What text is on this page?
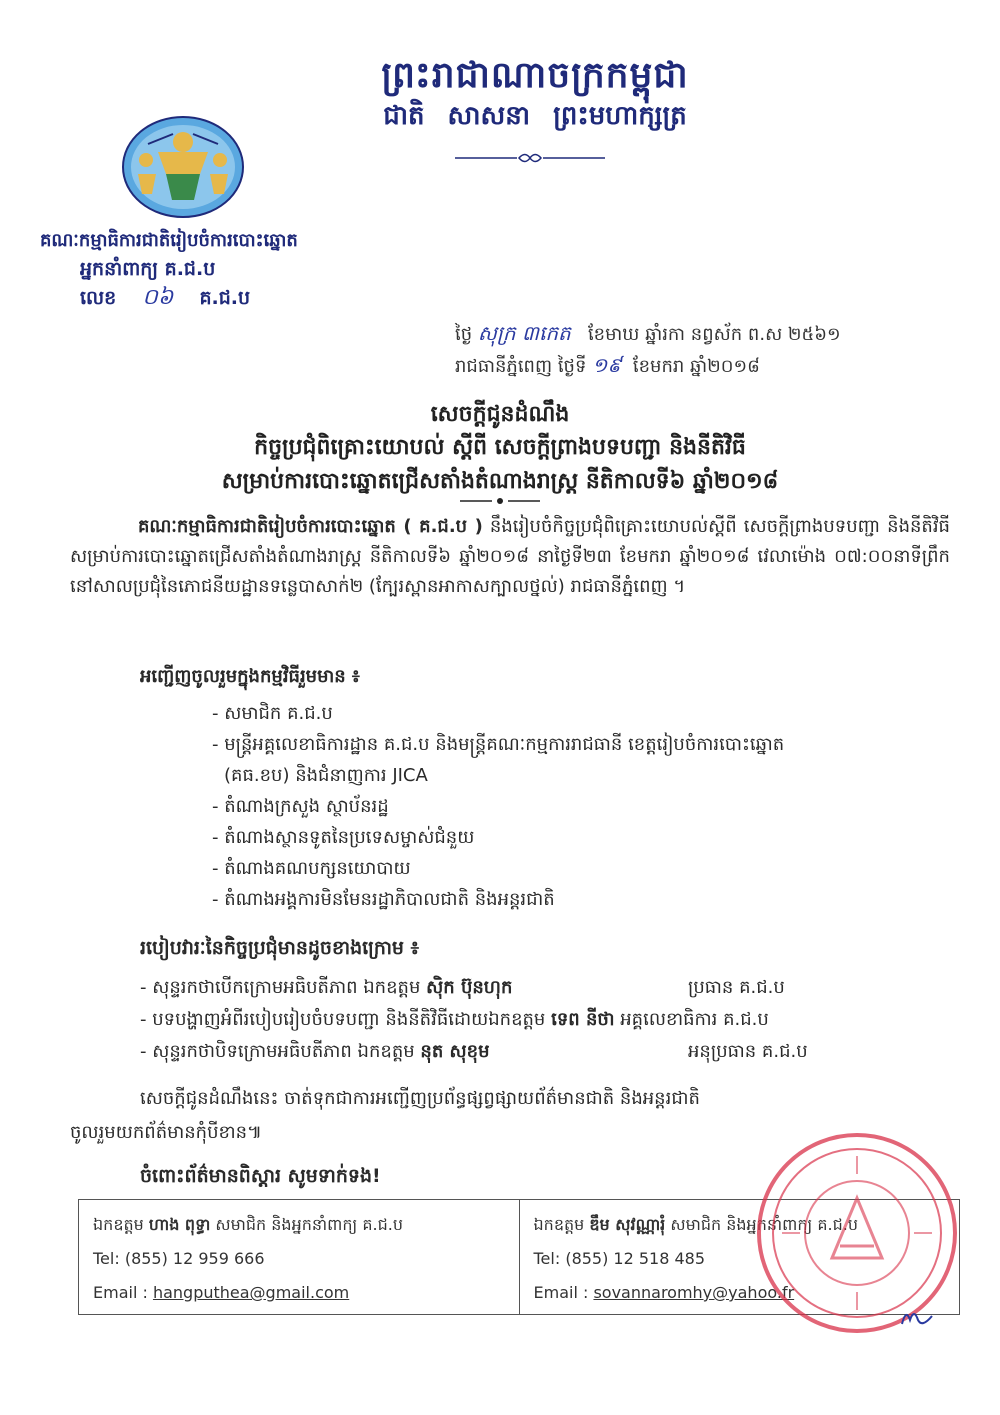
ព្រះរាជាណាចក្រកម្ពុជា
ជាតិ សាសនា ព្រះមហាក្សត្រ
គណៈកម្មាធិការជាតិរៀបចំការបោះឆ្នោត
អ្នកនាំពាក្យ គ.ជ.ប
លេខ ០៦ គ.ជ.ប
ថ្ងៃ សុក្រ ៣កេត ខែមាឃ ឆ្នាំរកា នព្វស័ក ព.ស ២៥៦១
រាជធានីភ្នំពេញ ថ្ងៃទី ១៩ ខែមករា ឆ្នាំ២០១៨
សេចក្តីជូនដំណឹង
កិច្ចប្រជុំពិគ្រោះយោបល់ ស្តីពី សេចក្តីព្រាងបទបញ្ជា និងនីតិវិធី
សម្រាប់ការបោះឆ្នោតជ្រើសតាំងតំណាងរាស្ត្រ នីតិកាលទី៦ ឆ្នាំ២០១៨
គណៈកម្មាធិការជាតិរៀបចំការបោះឆ្នោត ( គ.ជ.ប ) នឹងរៀបចំកិច្ចប្រជុំពិគ្រោះយោបល់ស្តីពី សេចក្តីព្រាងបទបញ្ជា និងនីតិវិធីសម្រាប់ការបោះឆ្នោតជ្រើសតាំងតំណាងរាស្ត្រ នីតិកាលទី៦ ឆ្នាំ២០១៨ នាថ្ងៃទី២៣ ខែមករា ឆ្នាំ២០១៨ វេលាម៉ោង ០៧:០០នាទីព្រឹក នៅសាលប្រជុំនៃភោជនីយដ្ឋានទន្លេបាសាក់២ (ក្បែរស្ពានអាកាសក្បាលថ្នល់) រាជធានីភ្នំពេញ ។
អញ្ជើញចូលរួមក្នុងកម្មវិធីរួមមាន ៖
- សមាជិក គ.ជ.ប
- មន្ត្រីអគ្គលេខាធិការដ្ឋាន គ.ជ.ប និងមន្ត្រីគណៈកម្មការរាជធានី ខេត្តរៀបចំការបោះឆ្នោត
(គធ.ខប) និងជំនាញការ JICA
- តំណាងក្រសួង ស្ថាប័នរដ្ឋ
- តំណាងស្ថានទូតនៃប្រទេសម្ចាស់ជំនួយ
- តំណាងគណបក្សនយោបាយ
- តំណាងអង្គការមិនមែនរដ្ឋាភិបាលជាតិ និងអន្តរជាតិ
របៀបវារៈនៃកិច្ចប្រជុំមានដូចខាងក្រោម ៖
- សុន្ទរកថាបើកក្រោមអធិបតីភាព ឯកឧត្តម ស៊ិក ប៊ុនហុក	ប្រធាន គ.ជ.ប
- បទបង្ហាញអំពីរបៀបរៀបចំបទបញ្ជា និងនីតិវិធីដោយឯកឧត្តម ទេព នីថា អគ្គលេខាធិការ គ.ជ.ប
- សុន្ទរកថាបិទក្រោមអធិបតីភាព ឯកឧត្តម នុត សុខុម	អនុប្រធាន គ.ជ.ប
សេចក្តីជូនដំណឹងនេះ ចាត់ទុកជាការអញ្ជើញប្រព័ន្ធផ្សព្វផ្សាយព័ត៌មានជាតិ និងអន្តរជាតិ
ចូលរួមយកព័ត៌មានកុំបីខាន៕
ចំពោះព័ត៌មានពិស្តារ សូមទាក់ទង!
ឯកឧត្តម ហាង ពុទ្ធា សមាជិក និងអ្នកនាំពាក្យ គ.ជ.ប
Tel: (855) 12 959 666
Email : hangputhea@gmail.com
ឯកឧត្តម ឌឹម សុវណ្ណារុំ សមាជិក និងអ្នកនាំពាក្យ គ.ជ.ប
Tel: (855) 12 518 485
Email : sovannaromhy@yahoo.fr
